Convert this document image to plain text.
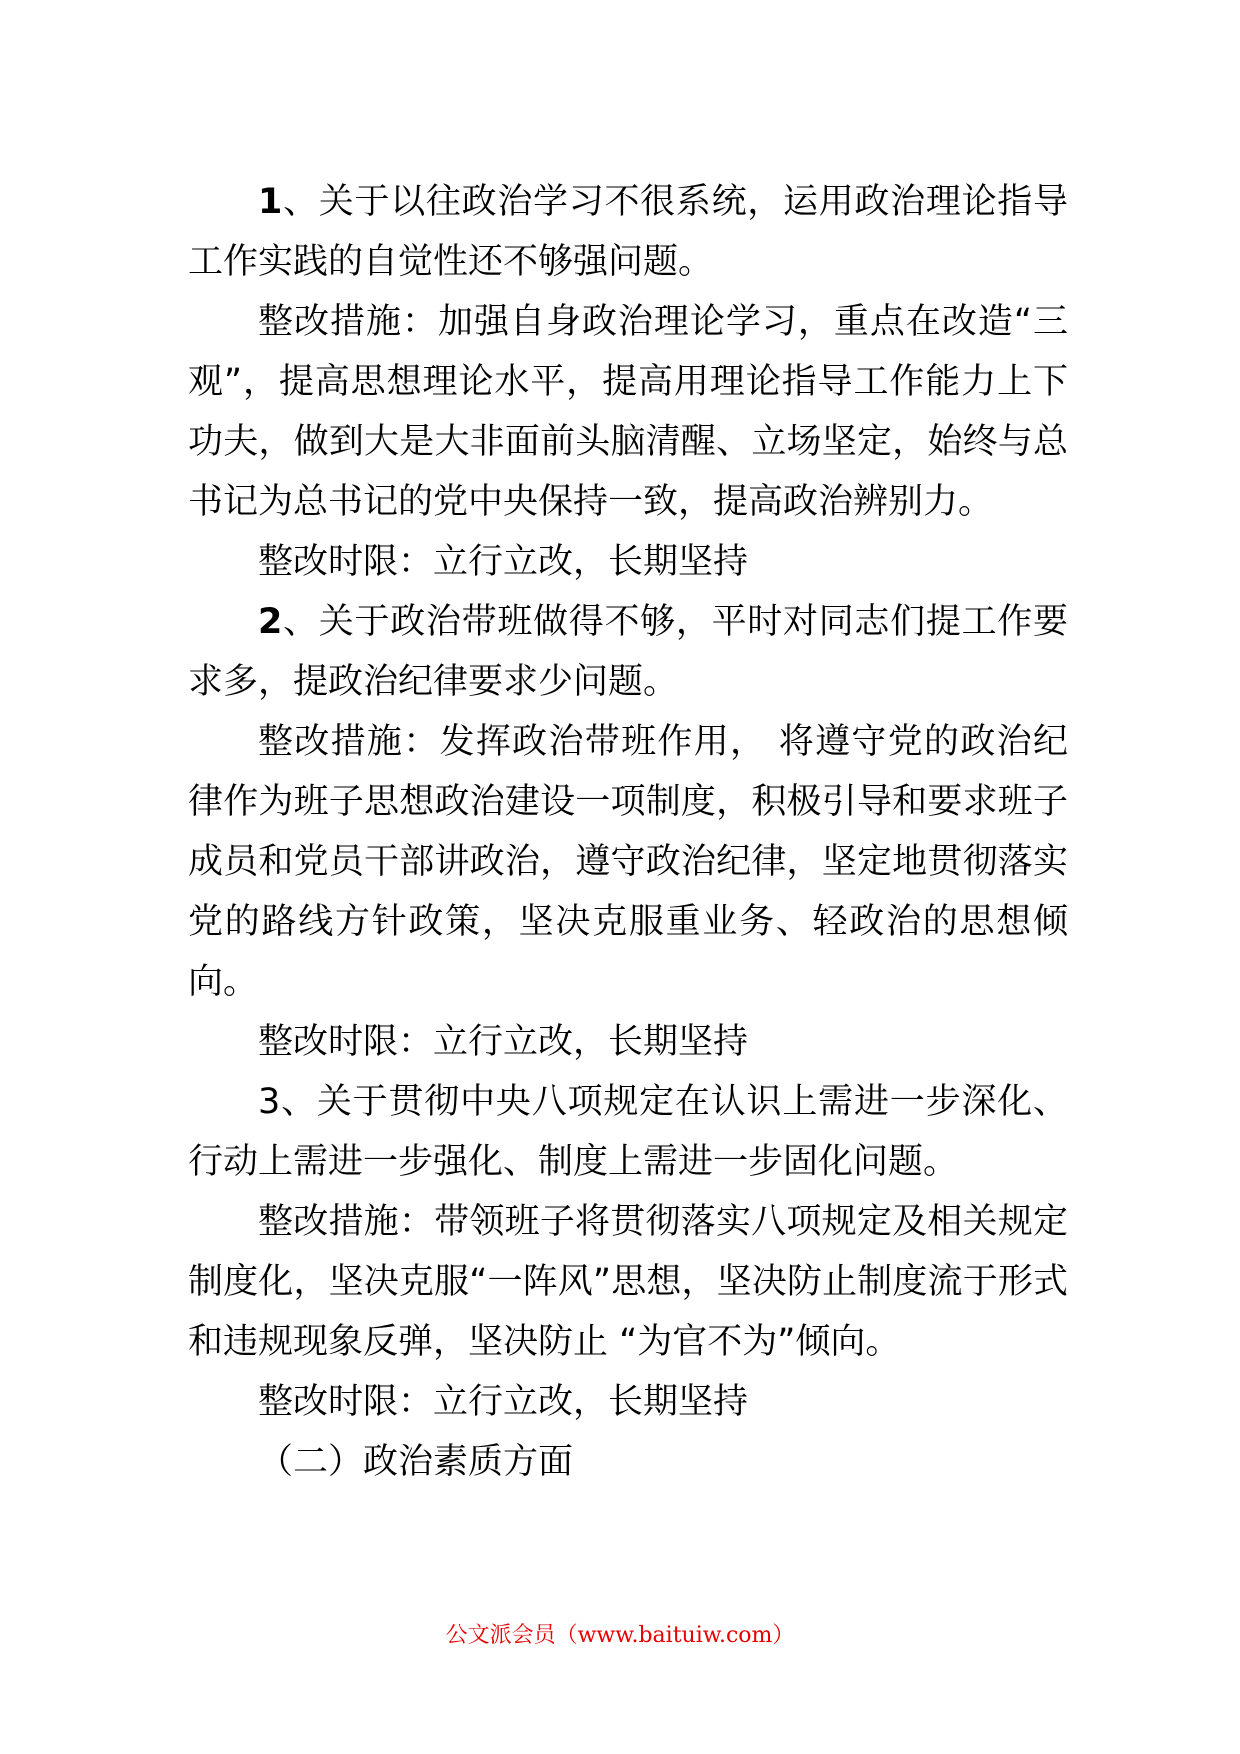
1、关于以往政治学习不很系统，运用政治理论指导工作实践的自觉性还不够强问题。

整改措施：加强自身政治理论学习，重点在改造“三观”，提高思想理论水平，提高用理论指导工作能力上下功夫，做到大是大非面前头脑清醒、立场坚定，始终与总书记为总书记的党中央保持一致，提高政治辨别力。

整改时限：立行立改，长期坚持

2、关于政治带班做得不够，平时对同志们提工作要求多，提政治纪律要求少问题。

整改措施：发挥政治带班作用， 将遵守党的政治纪律作为班子思想政治建设一项制度，积极引导和要求班子成员和党员干部讲政治，遵守政治纪律，坚定地贯彻落实党的路线方针政策，坚决克服重业务、轻政治的思想倾向。

整改时限：立行立改，长期坚持

3、关于贯彻中央八项规定在认识上需进一步深化、行动上需进一步强化、制度上需进一步固化问题。

整改措施：带领班子将贯彻落实八项规定及相关规定制度化，坚决克服“一阵风”思想，坚决防止制度流于形式和违规现象反弹，坚决防止 “为官不为”倾向。

整改时限：立行立改，长期坚持

（二）政治素质方面

公文派会员（www.baituiw.com）
